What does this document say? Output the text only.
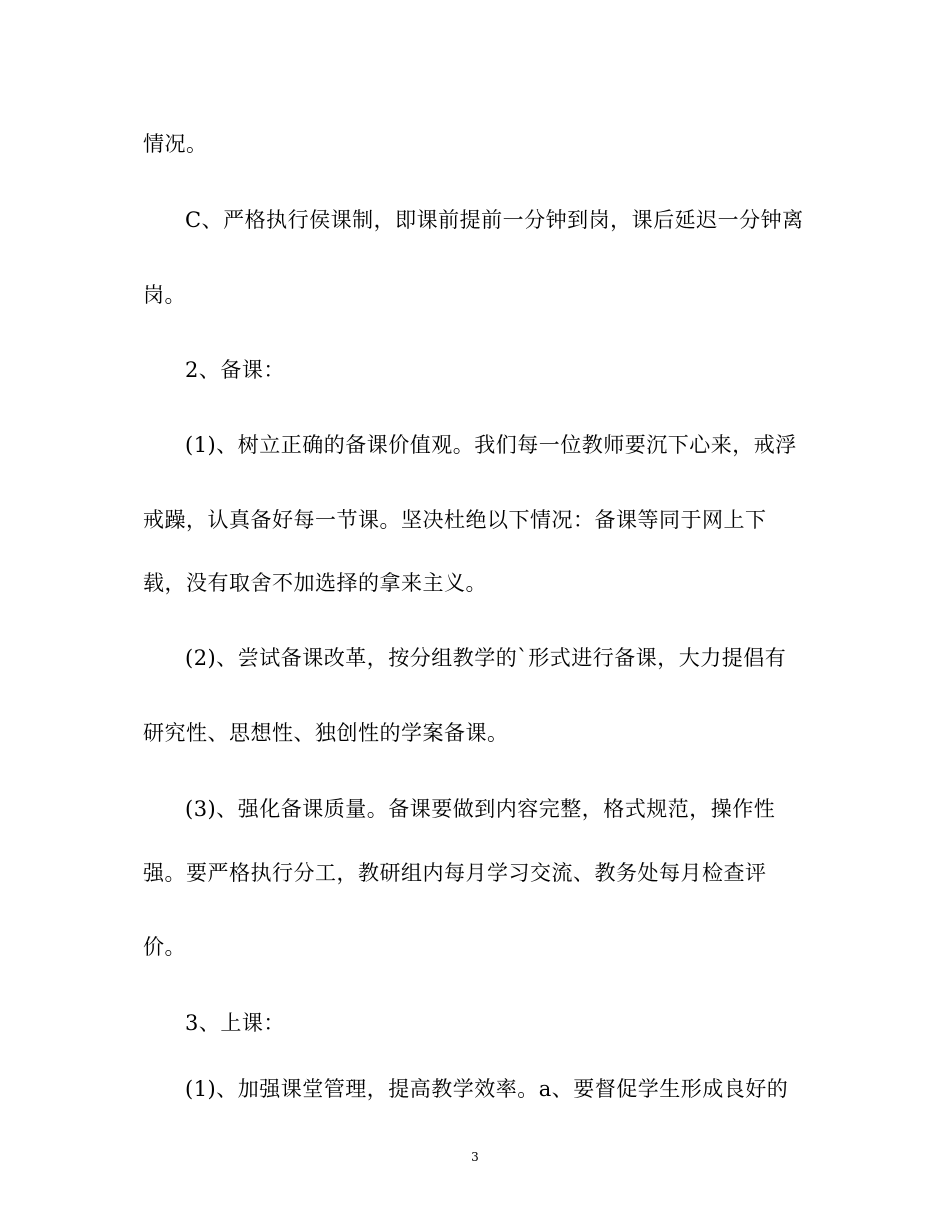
情况。
C、严格执行侯课制，即课前提前一分钟到岗，课后延迟一分钟离
岗。
2、备课：
(1)、树立正确的备课价值观。我们每一位教师要沉下心来，戒浮
戒躁，认真备好每一节课。坚决杜绝以下情况：备课等同于网上下
载，没有取舍不加选择的拿来主义。
(2)、尝试备课改革，按分组教学的`形式进行备课，大力提倡有
研究性、思想性、独创性的学案备课。
(3)、强化备课质量。备课要做到内容完整，格式规范，操作性
强。要严格执行分工，教研组内每月学习交流、教务处每月检查评
价。
3、上课：
(1)、加强课堂管理，提高教学效率。a、要督促学生形成良好的
3
